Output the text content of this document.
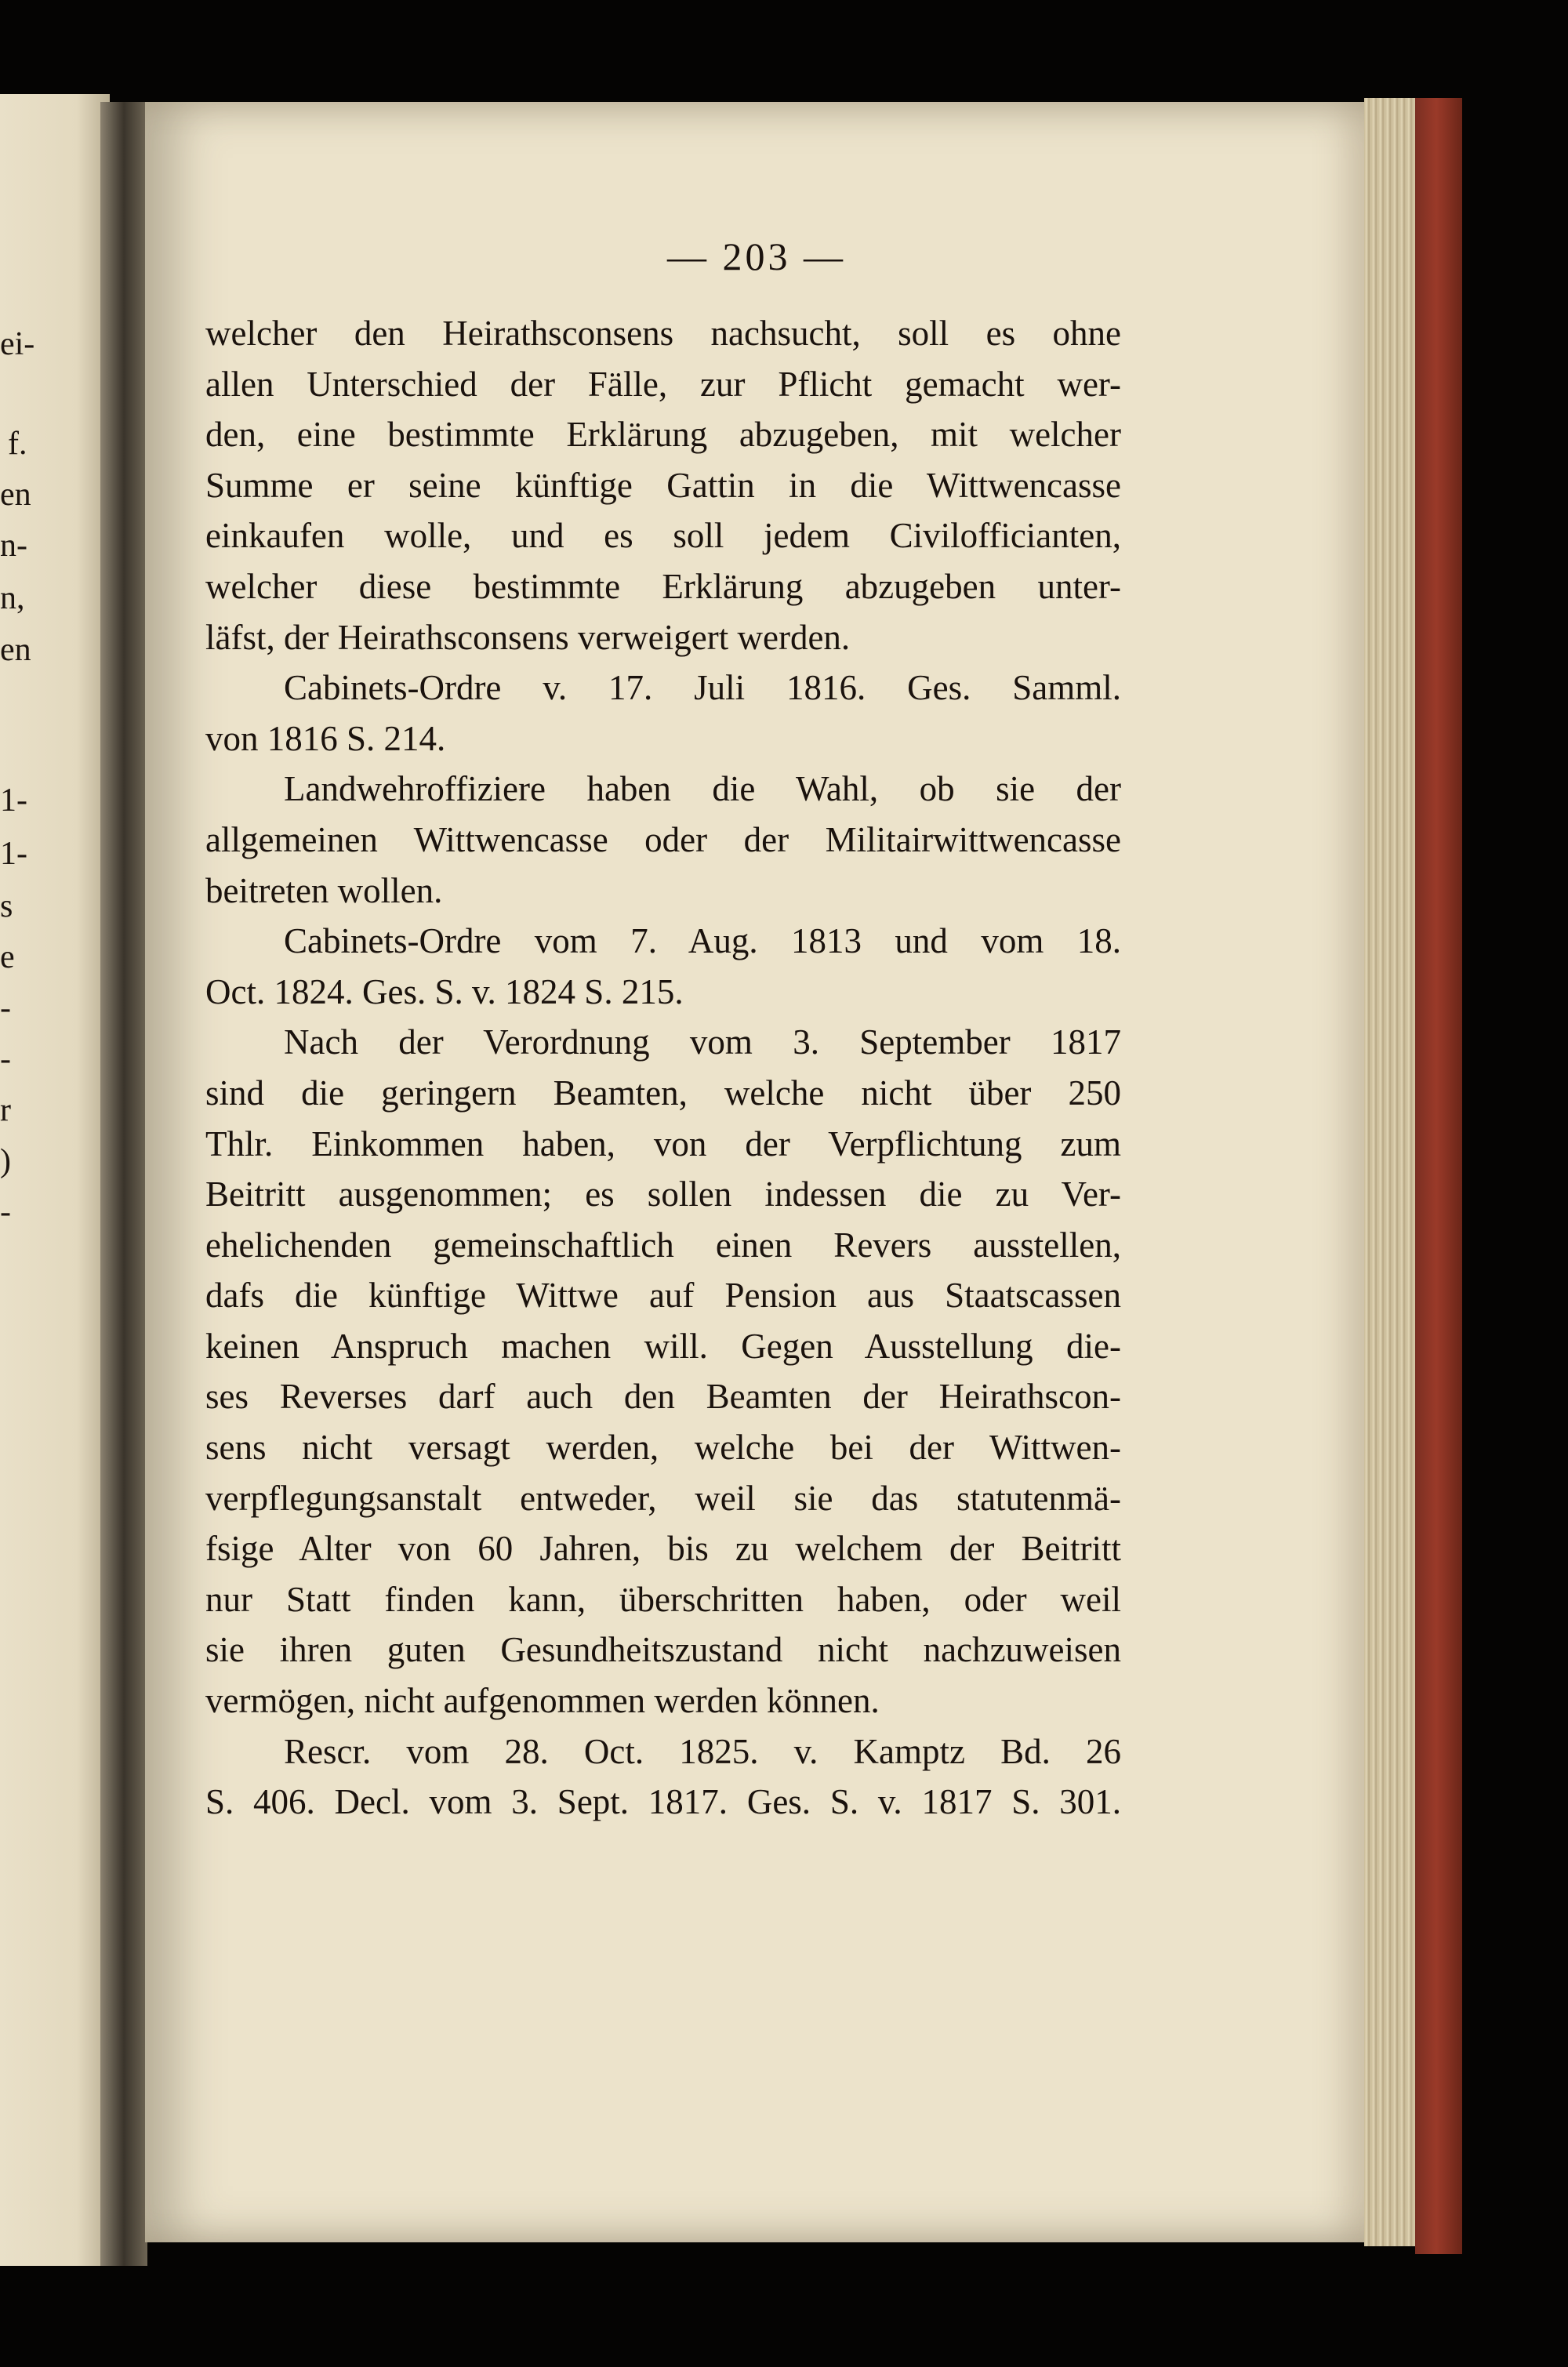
ei-
f.
en
n-
n,
en
1-
1-
s
e
-
-
r
)
-
— 203 —
welcher den Heirathsconsens nachsucht, soll es ohne
allen Unterschied der Fälle, zur Pflicht gemacht wer-
den, eine bestimmte Erklärung abzugeben, mit welcher
Summe er seine künftige Gattin in die Wittwencasse
einkaufen wolle, und es soll jedem Civilofficianten,
welcher diese bestimmte Erklärung abzugeben unter-
läfst, der Heirathsconsens verweigert werden.
Cabinets-Ordre v. 17. Juli 1816. Ges. Samml.
von 1816 S. 214.
Landwehroffiziere haben die Wahl, ob sie der
allgemeinen Wittwencasse oder der Militairwittwencasse
beitreten wollen.
Cabinets-Ordre vom 7. Aug. 1813 und vom 18.
Oct. 1824. Ges. S. v. 1824 S. 215.
Nach der Verordnung vom 3. September 1817
sind die geringern Beamten, welche nicht über 250
Thlr. Einkommen haben, von der Verpflichtung zum
Beitritt ausgenommen; es sollen indessen die zu Ver-
ehelichenden gemeinschaftlich einen Revers ausstellen,
dafs die künftige Wittwe auf Pension aus Staatscassen
keinen Anspruch machen will. Gegen Ausstellung die-
ses Reverses darf auch den Beamten der Heirathscon-
sens nicht versagt werden, welche bei der Wittwen-
verpflegungsanstalt entweder, weil sie das statutenmä-
fsige Alter von 60 Jahren, bis zu welchem der Beitritt
nur Statt finden kann, überschritten haben, oder weil
sie ihren guten Gesundheitszustand nicht nachzuweisen
vermögen, nicht aufgenommen werden können.
Rescr. vom 28. Oct. 1825. v. Kamptz Bd. 26
S. 406. Decl. vom 3. Sept. 1817. Ges. S. v. 1817 S. 301.
